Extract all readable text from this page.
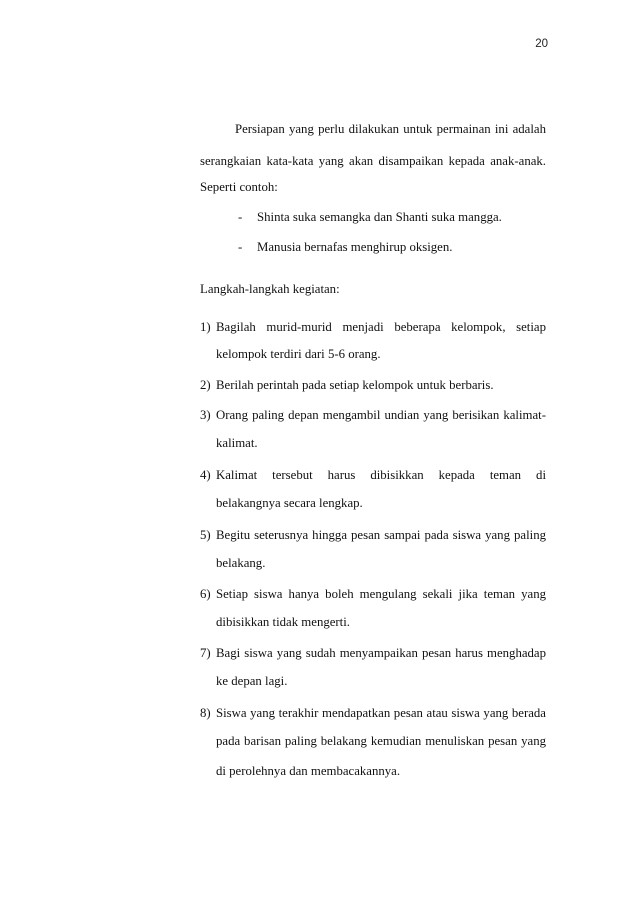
20
Persiapan yang perlu dilakukan untuk permainan ini adalah
serangkaian kata-kata yang akan disampaikan kepada anak-anak.
Seperti contoh:
- Shinta suka semangka dan Shanti suka mangga.
- Manusia bernafas menghirup oksigen.
Langkah-langkah kegiatan:
1) Bagilah murid-murid menjadi beberapa kelompok, setiap
kelompok terdiri dari 5-6 orang.
2) Berilah perintah pada setiap kelompok untuk berbaris.
3) Orang paling depan mengambil undian yang berisikan kalimat-
kalimat.
4) Kalimat tersebut harus dibisikkan kepada teman di
belakangnya secara lengkap.
5) Begitu seterusnya hingga pesan sampai pada siswa yang paling
belakang.
6) Setiap siswa hanya boleh mengulang sekali jika teman yang
dibisikkan tidak mengerti.
7) Bagi siswa yang sudah menyampaikan pesan harus menghadap
ke depan lagi.
8) Siswa yang terakhir mendapatkan pesan atau siswa yang berada
pada barisan paling belakang kemudian menuliskan pesan yang
di perolehnya dan membacakannya.
